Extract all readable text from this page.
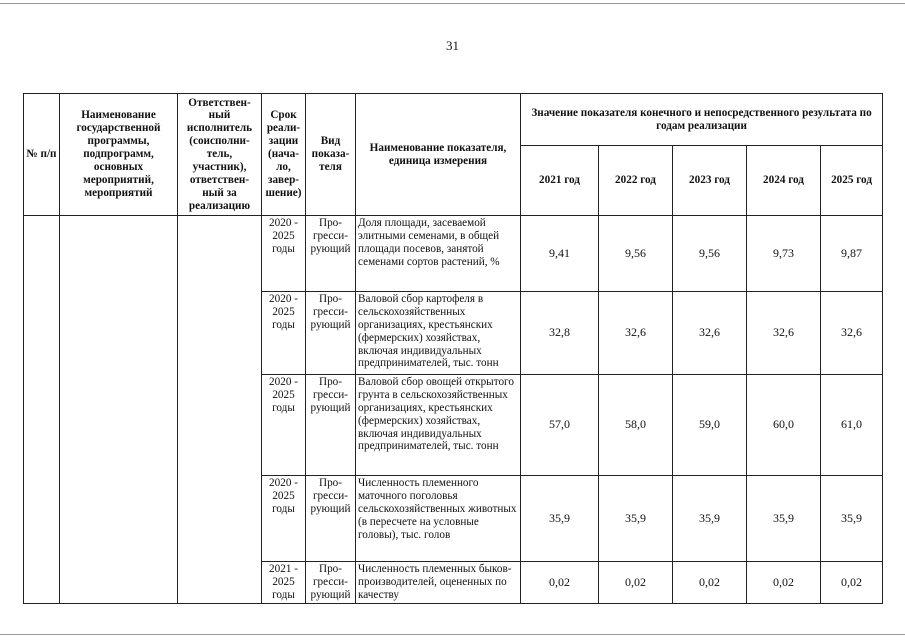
31
№ п/п	Наименование государственной программы, подпрограмм, основных мероприятий, мероприятий	Ответствен-ный исполнитель (соисполни-тель, участник), ответствен-ный за реализацию	Срок реали-зации (нача-ло, завер-шение)	Вид показа-теля	Наименование показателя, единица измерения	Значение показателя конечного и непосредственного результата по годам реализации				
						2021 год	2022 год	2023 год	2024 год	2025 год
			2020 - 2025 годы	Про-гресси-рующий	Доля площади, засеваемой элитными семенами, в общей площади посевов, занятой семенами сортов растений, %	9,41	9,56	9,56	9,73	9,87
			2020 - 2025 годы	Про-гресси-рующий	Валовой сбор картофеля в сельскохозяйственных организациях, крестьянских (фермерских) хозяйствах, включая индивидуальных предпринимателей, тыс. тонн	32,8	32,6	32,6	32,6	32,6
			2020 - 2025 годы	Про-гресси-рующий	Валовой сбор овощей открытого грунта в сельскохозяйственных организациях, крестьянских (фермерских) хозяйствах, включая индивидуальных предпринимателей, тыс. тонн	57,0	58,0	59,0	60,0	61,0
			2020 - 2025 годы	Про-гресси-рующий	Численность племенного маточного поголовья сельскохозяйственных животных (в пересчете на условные головы), тыс. голов	35,9	35,9	35,9	35,9	35,9
			2021 - 2025 годы	Про-гресси-рующий	Численность племенных быков-производителей, оцененных по качеству	0,02	0,02	0,02	0,02	0,02
